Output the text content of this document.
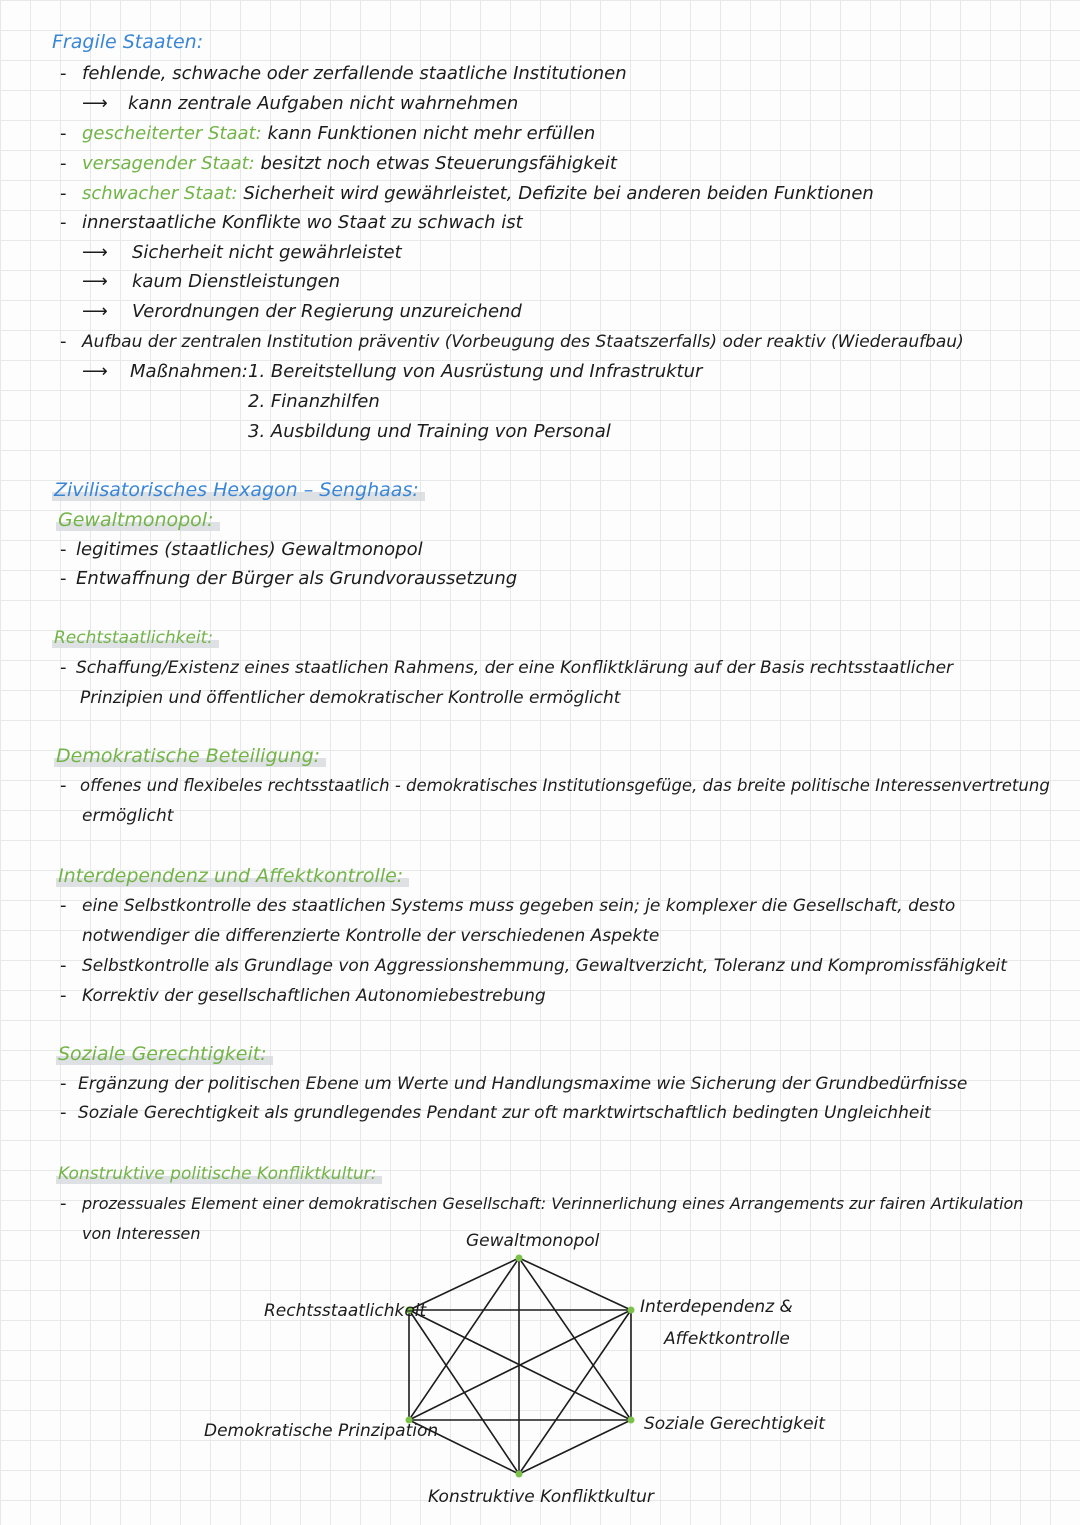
Fragile Staaten:
- fehlende, schwache oder zerfallende staatliche Institutionen
⟶ kann zentrale Aufgaben nicht wahrnehmen
- gescheiterter Staat: kann Funktionen nicht mehr erfüllen
- versagender Staat: besitzt noch etwas Steuerungsfähigkeit
- schwacher Staat: Sicherheit wird gewährleistet, Defizite bei anderen beiden Funktionen
- innerstaatliche Konflikte wo Staat zu schwach ist
⟶ Sicherheit nicht gewährleistet
⟶ kaum Dienstleistungen
⟶ Verordnungen der Regierung unzureichend
- Aufbau der zentralen Institution präventiv (Vorbeugung des Staatszerfalls) oder reaktiv (Wiederaufbau)
⟶ Maßnahmen: 1. Bereitstellung von Ausrüstung und Infrastruktur
2. Finanzhilfen
3. Ausbildung und Training von Personal
Zivilisatorisches Hexagon – Senghaas:
Gewaltmonopol:
- legitimes (staatliches) Gewaltmonopol
- Entwaffnung der Bürger als Grundvoraussetzung
Rechtstaatlichkeit:
- Schaffung/Existenz eines staatlichen Rahmens, der eine Konfliktklärung auf der Basis rechtsstaatlicher
Prinzipien und öffentlicher demokratischer Kontrolle ermöglicht
Demokratische Beteiligung:
- offenes und flexibeles rechtsstaatlich - demokratisches Institutionsgefüge, das breite politische Interessenvertretung
ermöglicht
Interdependenz und Affektkontrolle:
- eine Selbstkontrolle des staatlichen Systems muss gegeben sein; je komplexer die Gesellschaft, desto
notwendiger die differenzierte Kontrolle der verschiedenen Aspekte
- Selbstkontrolle als Grundlage von Aggressionshemmung, Gewaltverzicht, Toleranz und Kompromissfähigkeit
- Korrektiv der gesellschaftlichen Autonomiebestrebung
Soziale Gerechtigkeit:
- Ergänzung der politischen Ebene um Werte und Handlungsmaxime wie Sicherung der Grundbedürfnisse
- Soziale Gerechtigkeit als grundlegendes Pendant zur oft marktwirtschaftlich bedingten Ungleichheit
Konstruktive politische Konfliktkultur:
- prozessuales Element einer demokratischen Gesellschaft: Verinnerlichung eines Arrangements zur fairen Artikulation
von Interessen	Gewaltmonopol
Rechtsstaatlichkeit	Interdependenz &
Affektkontrolle
Demokratische Prinzipation	Soziale Gerechtigkeit
Konstruktive Konfliktkultur
